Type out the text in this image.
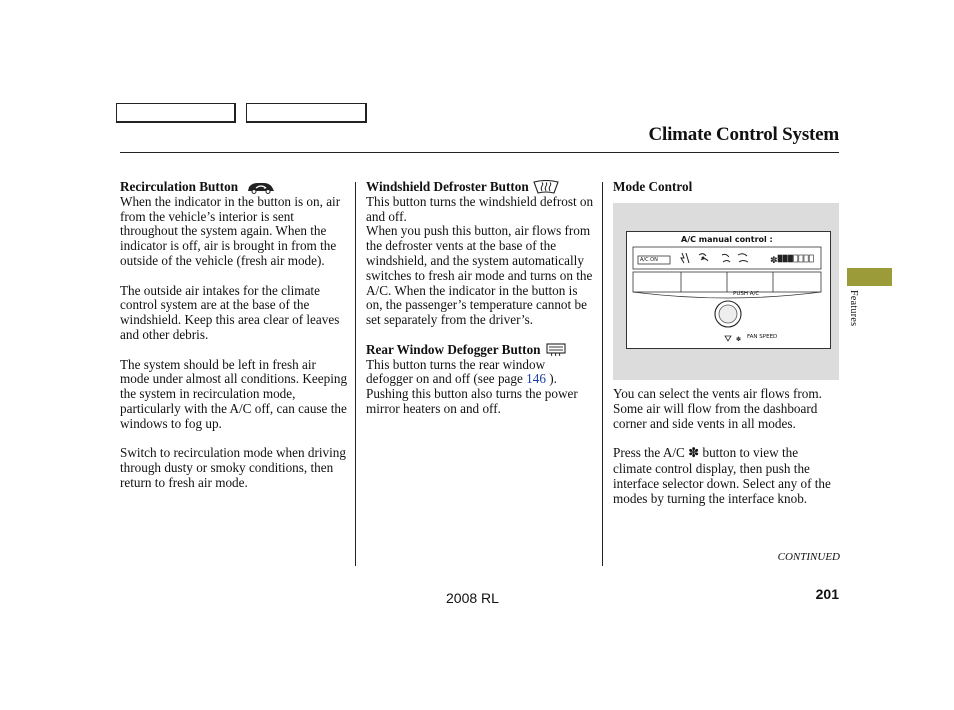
Climate Control System
Recirculation Button

When the indicator in the button is on, air from the vehicle’s interior is sent throughout the system again. When the indicator is off, air is brought in from the outside of the vehicle (fresh air mode).

The outside air intakes for the climate control system are at the base of the windshield. Keep this area clear of leaves and other debris.

The system should be left in fresh air mode under almost all conditions. Keeping the system in recirculation mode, particularly with the A/C off, can cause the windows to fog up.

Switch to recirculation mode when driving through dusty or smoky conditions, then return to fresh air mode.

Windshield Defroster Button

This button turns the windshield defrost on and off.

When you push this button, air flows from the defroster vents at the base of the windshield, and the system automatically switches to fresh air mode and turns on the A/C. When the indicator in the button is on, the passenger’s temperature cannot be set separately from the driver’s.

Rear Window Defogger Button

This button turns the rear window defogger on and off (see page 146 ). Pushing this button also turns the power mirror heaters on and off.

Mode Control
✽
✽
A/C manual control :
A/C ON
PUSH A/C
FAN SPEED

You can select the vents air flows from. Some air will flow from the dashboard corner and side vents in all modes.

Press the A/C ✽ button to view the climate control display, then push the interface selector down. Select any of the modes by turning the interface knob.

CONTINUED
2008 RL	201
Features
